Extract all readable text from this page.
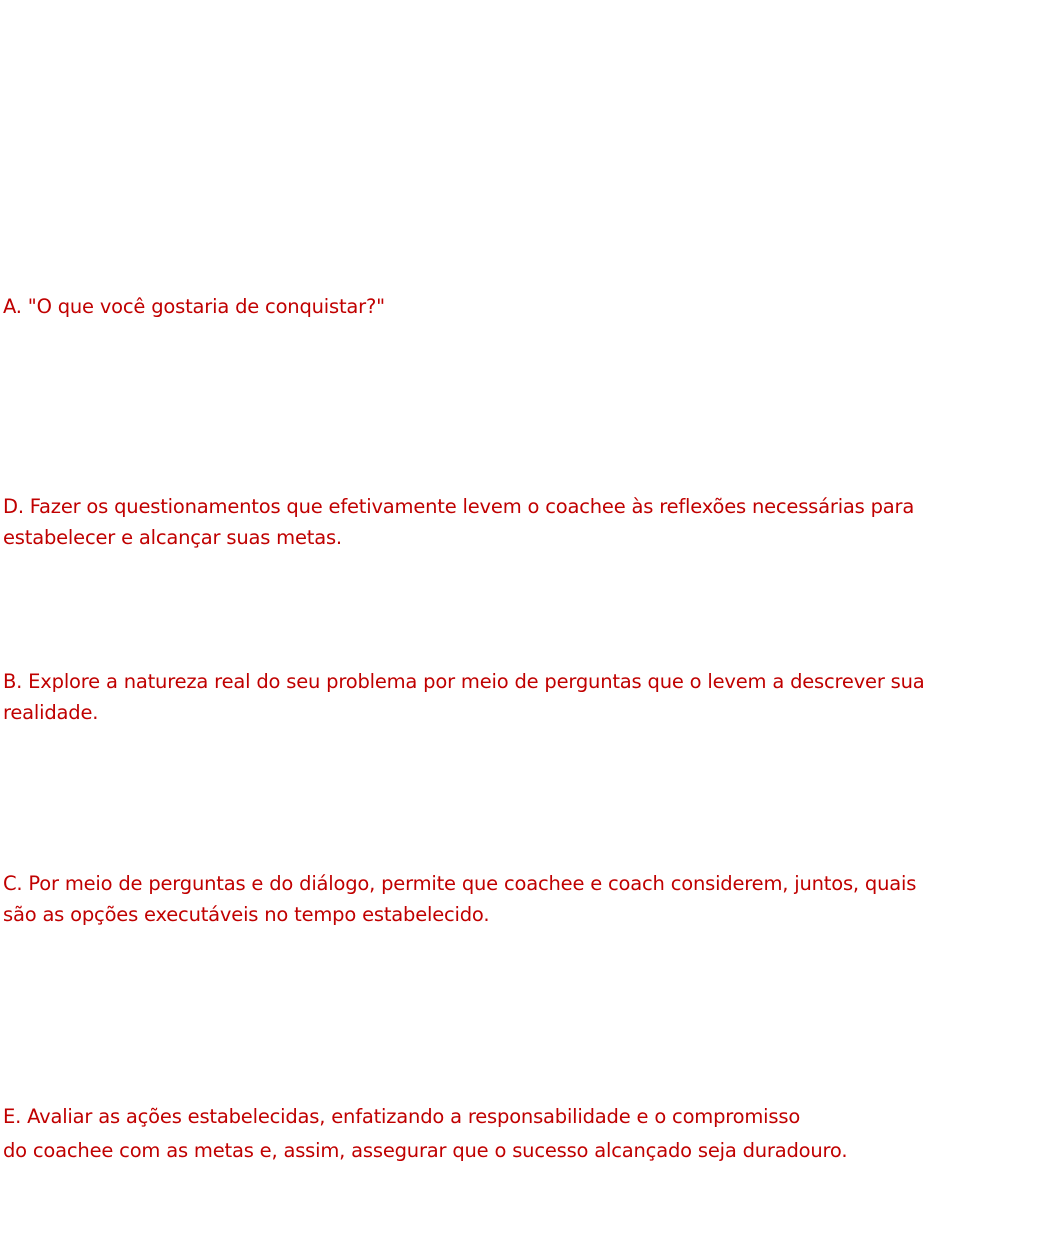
A. "O que você gostaria de conquistar?"

D. Fazer os questionamentos que efetivamente levem o coachee às reflexões necessárias para
estabelecer e alcançar suas metas.

B. Explore a natureza real do seu problema por meio de perguntas que o levem a descrever sua
realidade.

C. Por meio de perguntas e do diálogo, permite que coachee e coach considerem, juntos, quais
são as opções executáveis no tempo estabelecido.

E. Avaliar as ações estabelecidas, enfatizando a responsabilidade e o compromisso
do coachee com as metas e, assim, assegurar que o sucesso alcançado seja duradouro.
